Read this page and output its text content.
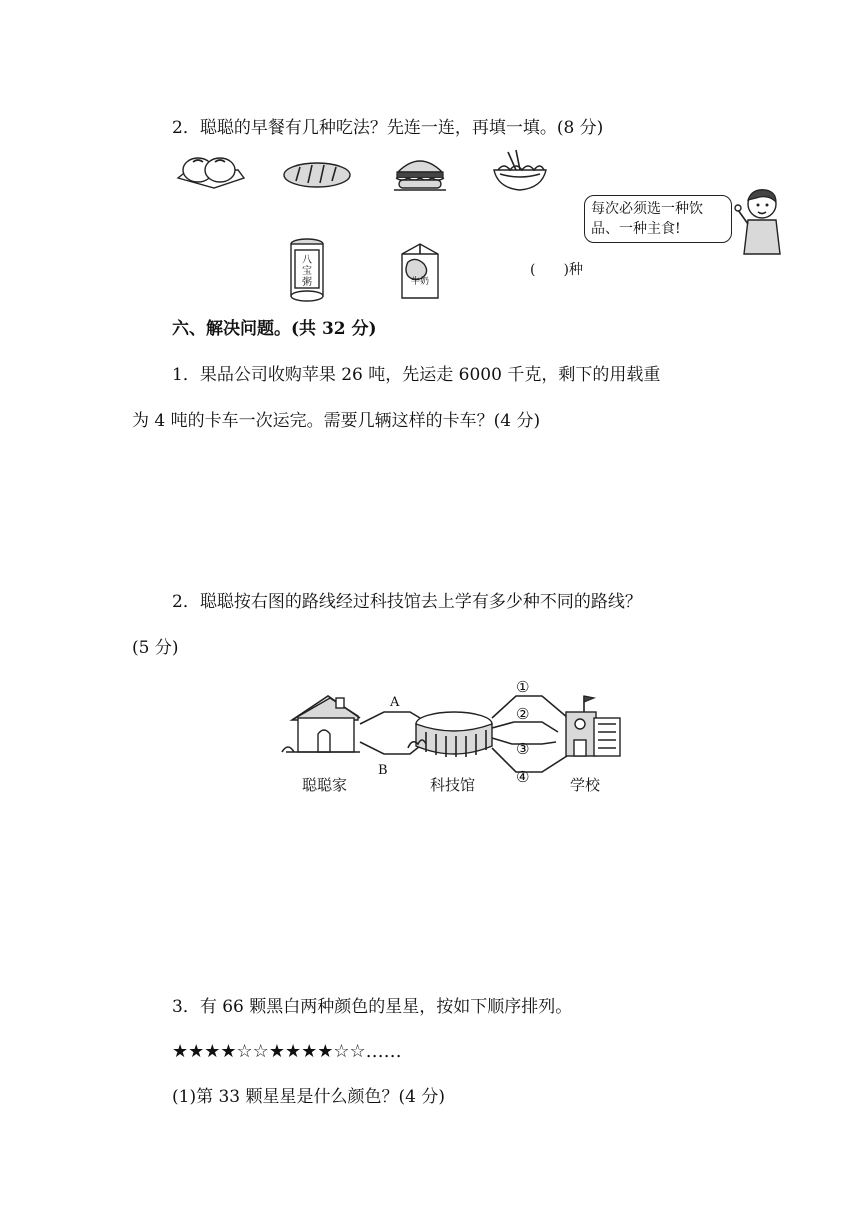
2．聪聪的早餐有几种吃法？先连一连，再填一填。(8 分)
每次必须选一种饮品、一种主食!
八
宝
粥	牛奶
(　　)种
六、解决问题。(共 32 分)
1．果品公司收购苹果 26 吨，先运走 6000 千克，剩下的用载重
为 4 吨的卡车一次运完。需要几辆这样的卡车？(4 分)
2．聪聪按右图的路线经过科技馆去上学有多少种不同的路线？
(5 分)
A
B
①
②
③
④
聪聪家	科技馆	学校
3．有 66 颗黑白两种颜色的星星，按如下顺序排列。
★★★★☆☆★★★★☆☆……
(1)第 33 颗星星是什么颜色？(4 分)
